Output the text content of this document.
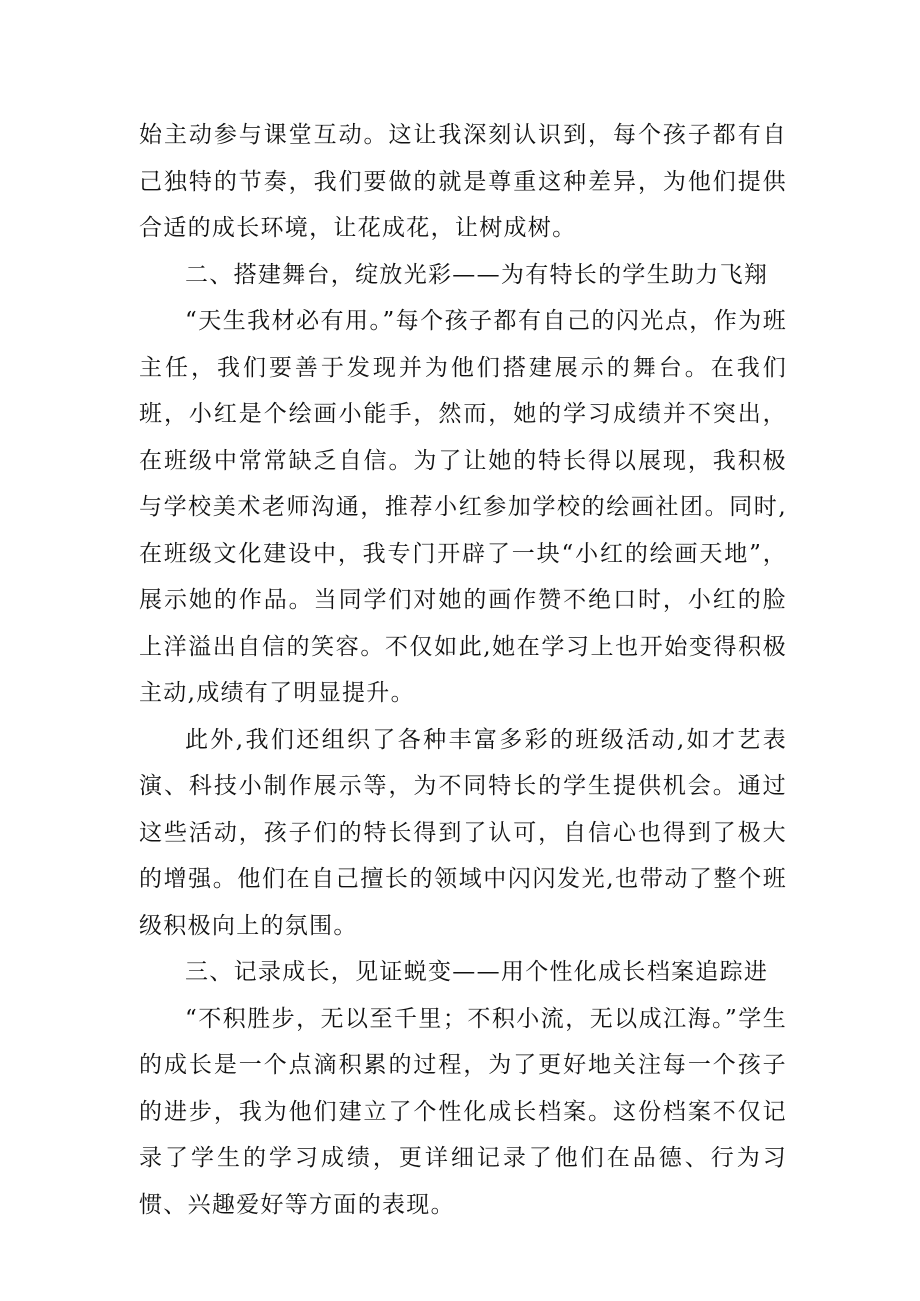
始主动参与课堂互动。这让我深刻认识到，每个孩子都有自己独特的节奏，我们要做的就是尊重这种差异，为他们提供合适的成长环境，让花成花，让树成树。

二、搭建舞台，绽放光彩——为有特长的学生助力飞翔

“天生我材必有用。”每个孩子都有自己的闪光点，作为班主任，我们要善于发现并为他们搭建展示的舞台。在我们班，小红是个绘画小能手，然而，她的学习成绩并不突出，在班级中常常缺乏自信。为了让她的特长得以展现，我积极与学校美术老师沟通，推荐小红参加学校的绘画社团。同时,在班级文化建设中，我专门开辟了一块“小红的绘画天地”，展示她的作品。当同学们对她的画作赞不绝口时，小红的脸上洋溢出自信的笑容。不仅如此,她在学习上也开始变得积极主动,成绩有了明显提升。

此外,我们还组织了各种丰富多彩的班级活动,如才艺表演、科技小制作展示等，为不同特长的学生提供机会。通过这些活动，孩子们的特长得到了认可，自信心也得到了极大的增强。他们在自己擅长的领域中闪闪发光,也带动了整个班级积极向上的氛围。

三、记录成长，见证蜕变——用个性化成长档案追踪进

“不积胜步，无以至千里；不积小流，无以成江海。”学生的成长是一个点滴积累的过程，为了更好地关注每一个孩子的进步，我为他们建立了个性化成长档案。这份档案不仅记录了学生的学习成绩，更详细记录了他们在品德、行为习惯、兴趣爱好等方面的表现。
